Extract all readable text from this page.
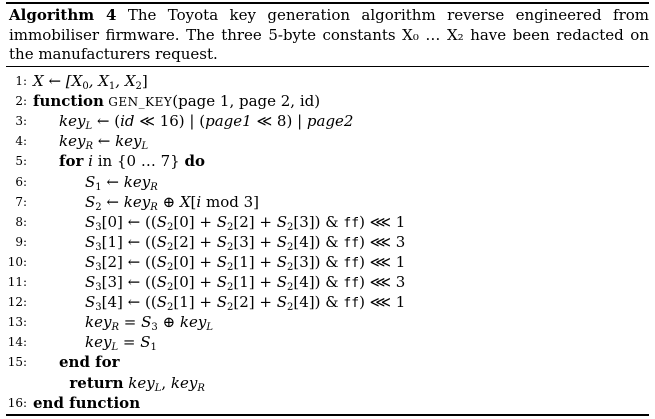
Algorithm 4 The Toyota key generation algorithm reverse engineered from immobiliser firmware. The three 5-byte constants X₀ … X₂ have been redacted on the manufacturers request.
1: X ← [$X_0$, $X_1$, $X_2$]
2: function GEN_KEY(page 1, page 2, id)
3: key$_L$ ← (id ≪ 16) | (page1 ≪ 8) | page2
4: key$_R$ ← key$_L$
5: for i in {0 … 7} do
6:	$S_1$ ← key$_R$
7:	$S_2$ ← key$_R$ ⊕ X[i mod 3]
8:	$S_3[0]$ ← ($(S_2[0] + S_2[2] + S_2[3])$ & ff) ⋘ 1
9:	$S_3[1]$ ← ($(S_2[2] + S_2[3] + S_2[4])$ & ff) ⋘ 3
10:	$S_3[2]$ ← ($(S_2[0] + S_2[1] + S_2[3])$ & ff) ⋘ 1
11:	$S_3[3]$ ← ($(S_2[0] + S_2[1] + S_2[4])$ & ff) ⋘ 3
12:	$S_3[4]$ ← ($(S_2[1] + S_2[2] + S_2[4])$ & ff) ⋘ 1
13:	$key_R = S_3$ ⊕ key$_L$
14:	$key_L = S_1$
15: end for
return key$_L$, key$_R$
16: end function
